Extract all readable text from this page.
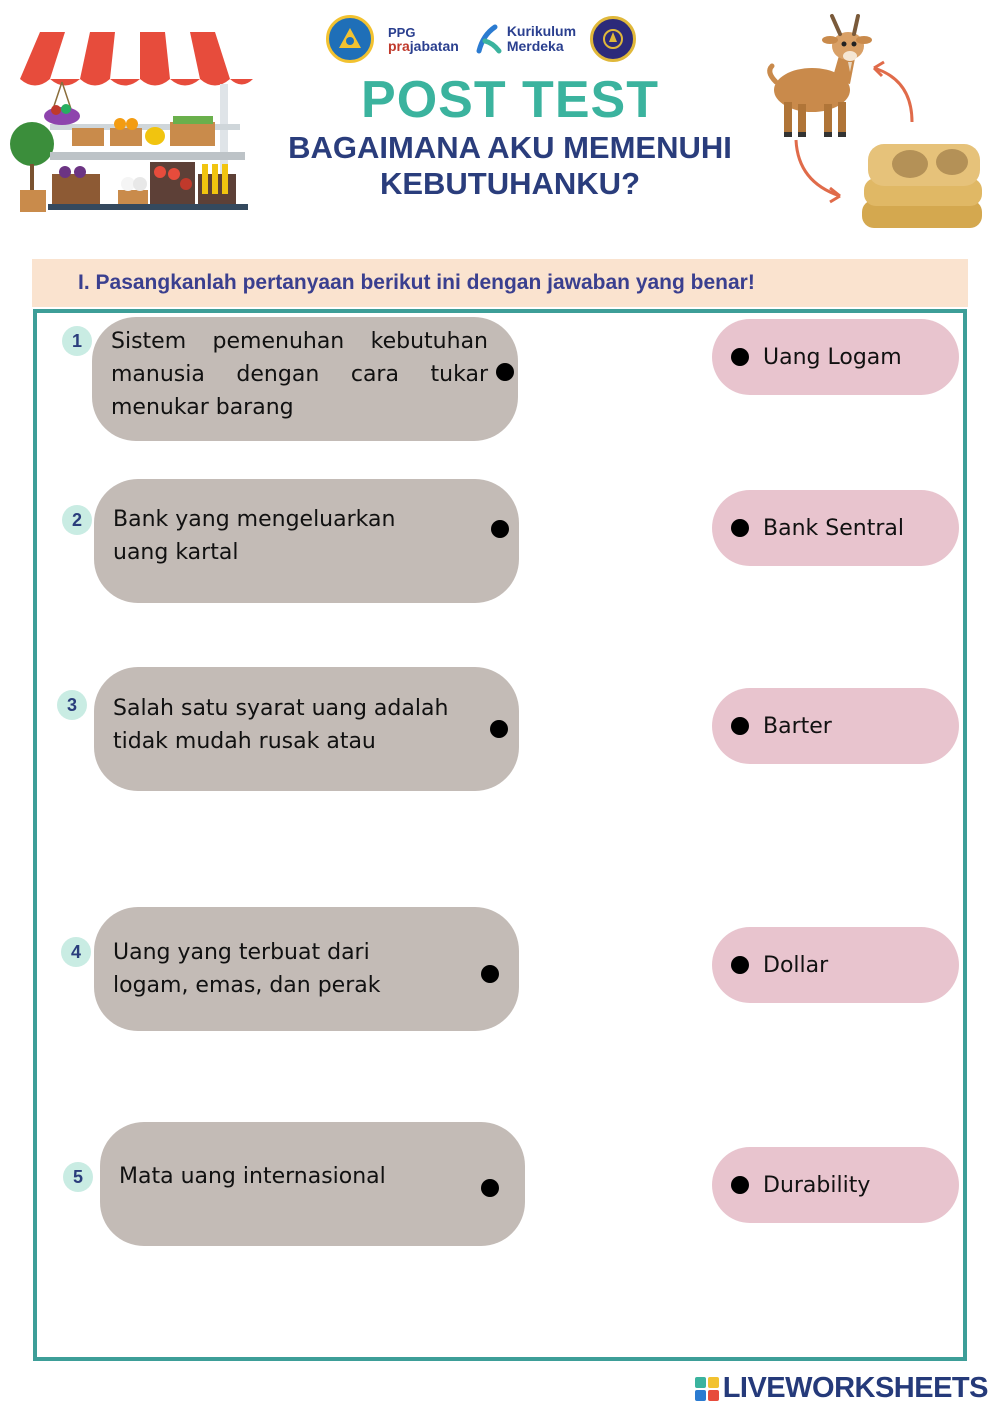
PPG
prajabatan
Kurikulum
Merdeka
POST TEST
BAGAIMANA AKU MEMENUHI
KEBUTUHANKU?
I. Pasangkanlah pertanyaan berikut ini dengan jawaban yang benar!
1	Sistem pemenuhan kebutuhan manusia dengan cara tukar menukar barang
2	Bank yang mengeluarkan uang kartal
3	Salah satu syarat uang adalah tidak mudah rusak atau
4	Uang yang terbuat dari logam, emas, dan perak
5	Mata uang internasional
Uang Logam
Bank Sentral
Barter
Dollar
Durability
LIVEWORKSHEETS
